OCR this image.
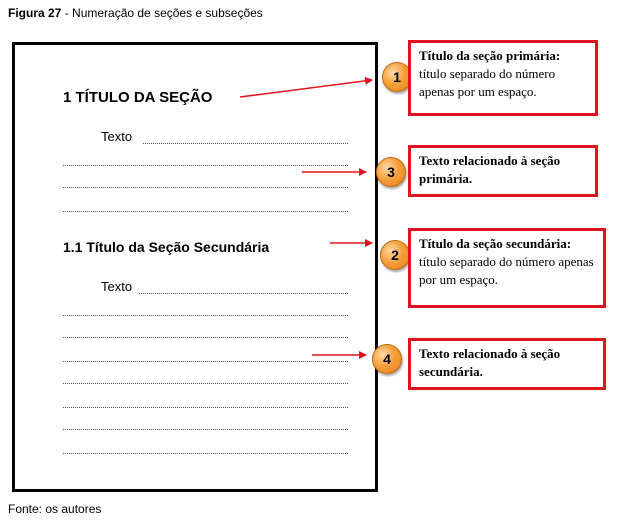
Figura 27 - Numeração de seções e subseções
1 TÍTULO DA SEÇÃO
Texto
1.1 Título da Seção Secundária
Texto
1
3
2
4
Título da seção primária:
título separado do número apenas por um espaço.
Texto relacionado à seção primária.
Título da seção secundária:
título separado do número apenas por um espaço.
Texto relacionado à seção secundária.
Fonte: os autores
